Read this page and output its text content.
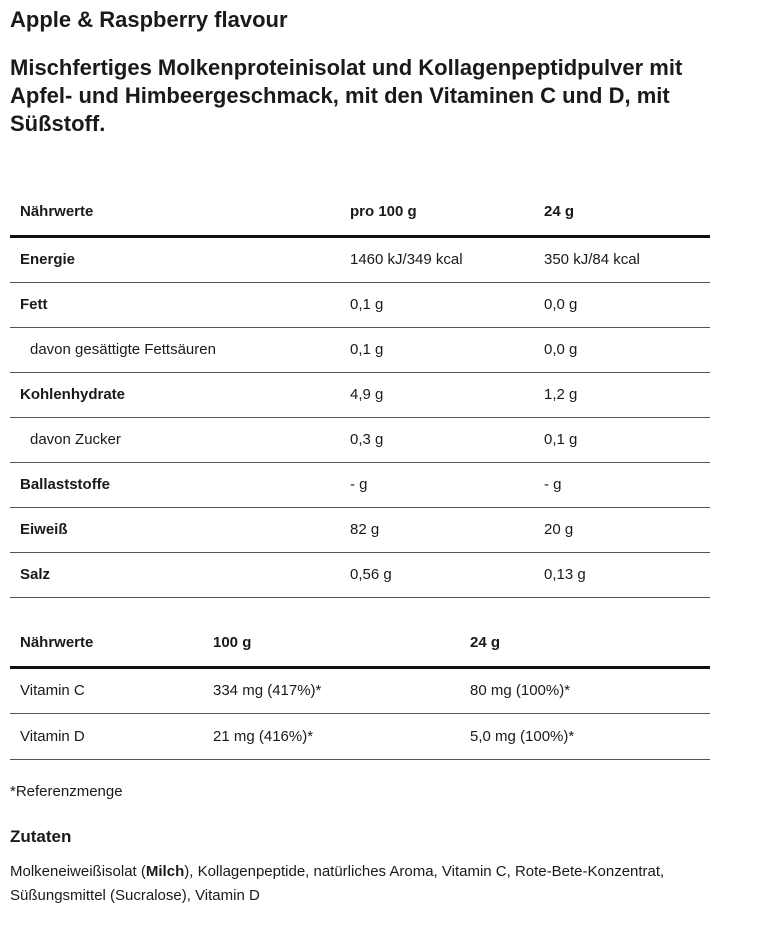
Apple & Raspberry flavour
Mischfertiges Molkenproteinisolat und Kollagenpeptidpulver mit Apfel- und Himbeergeschmack, mit den Vitaminen C und D, mit Süßstoff.
Nährwerte	pro 100 g	24 g
Energie	1460 kJ/349 kcal	350 kJ/84 kcal
Fett	0,1 g	0,0 g
davon gesättigte Fettsäuren	0,1 g	0,0 g
Kohlenhydrate	4,9 g	1,2 g
davon Zucker	0,3 g	0,1 g
Ballaststoffe	- g	- g
Eiweiß	82 g	20 g
Salz	0,56 g	0,13 g
Nährwerte	100 g	24 g
Vitamin C	334 mg (417%)*	80 mg (100%)*
Vitamin D	21 mg (416%)*	5,0 mg (100%)*
*Referenzmenge
Zutaten
Molkeneiweißisolat (Milch), Kollagenpeptide, natürliches Aroma, Vitamin C, Rote-Bete-Konzentrat, Süßungsmittel (Sucralose), Vitamin D
